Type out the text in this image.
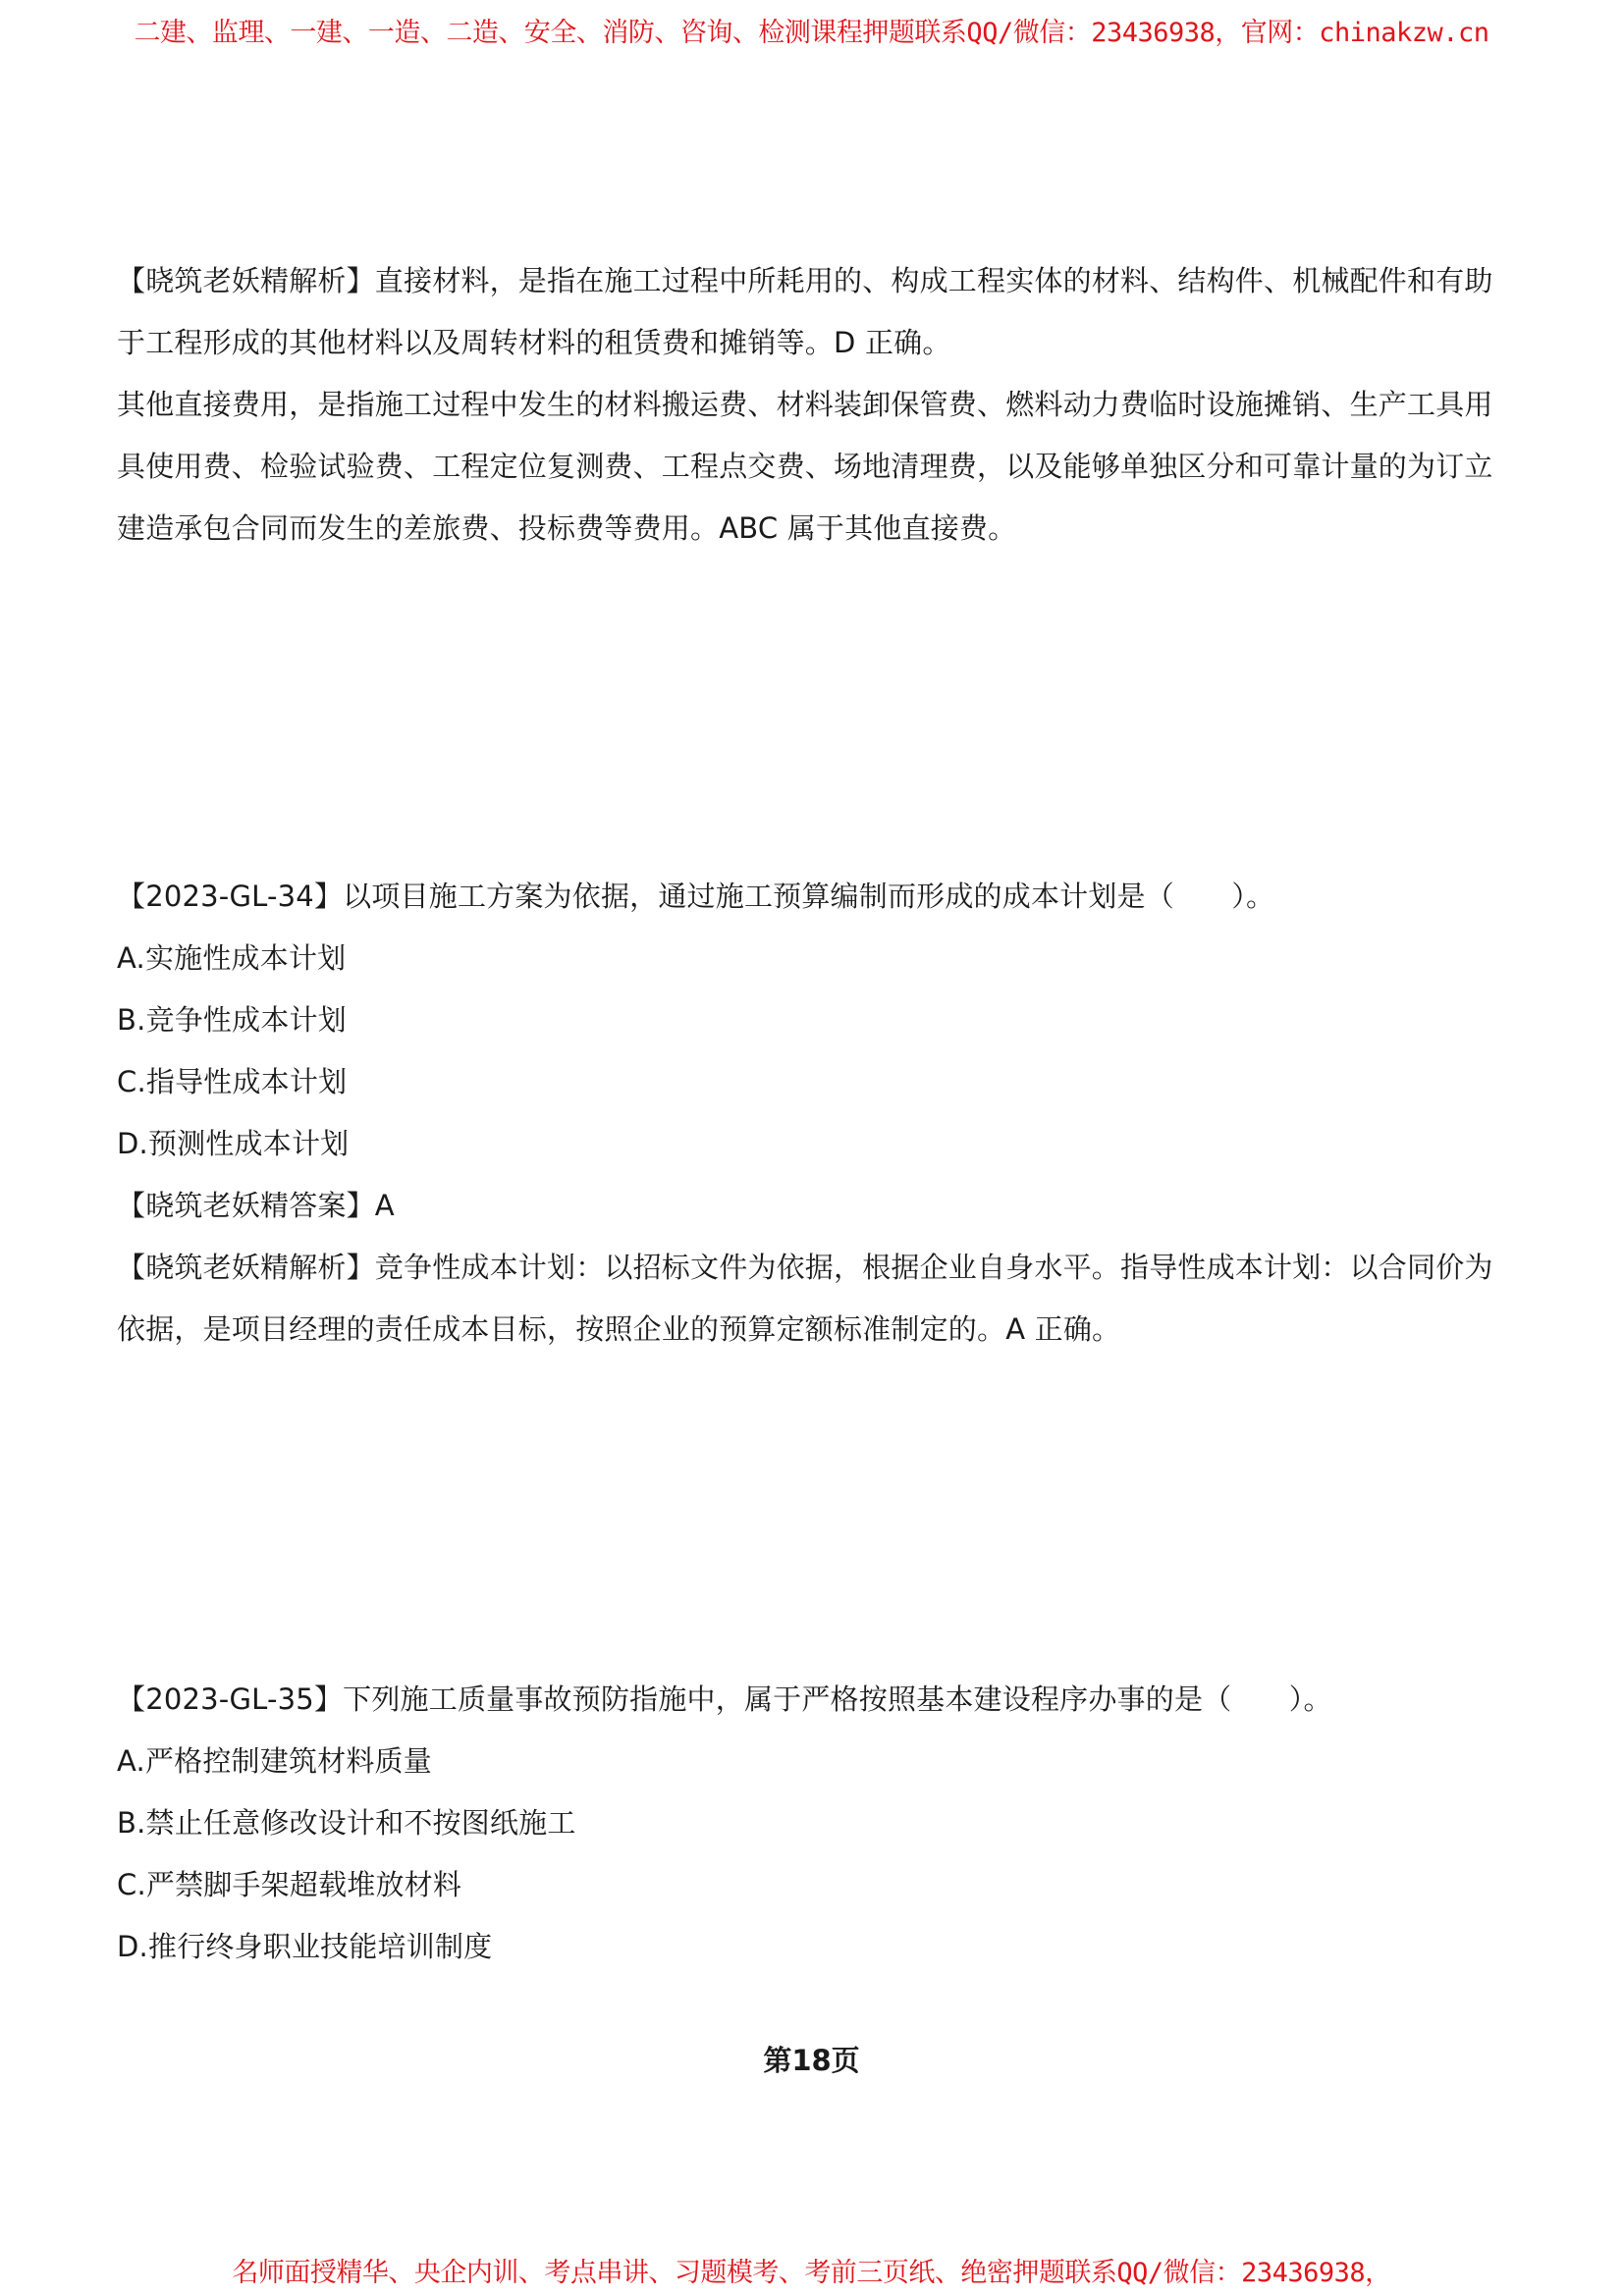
二建、监理、一建、一造、二造、安全、消防、咨询、检测课程押题联系QQ/微信：23436938，官网：chinakzw.cn
【晓筑老妖精解析】直接材料，是指在施工过程中所耗用的、构成工程实体的材料、结构件、机械配件和有助
于工程形成的其他材料以及周转材料的租赁费和摊销等。D 正确。
其他直接费用，是指施工过程中发生的材料搬运费、材料装卸保管费、燃料动力费临时设施摊销、生产工具用
具使用费、检验试验费、工程定位复测费、工程点交费、场地清理费，以及能够单独区分和可靠计量的为订立
建造承包合同而发生的差旅费、投标费等费用。ABC 属于其他直接费。
【2023-GL-34】以项目施工方案为依据，通过施工预算编制而形成的成本计划是（　　）。
A.实施性成本计划
B.竞争性成本计划
C.指导性成本计划
D.预测性成本计划
【晓筑老妖精答案】A
【晓筑老妖精解析】竞争性成本计划：以招标文件为依据，根据企业自身水平。指导性成本计划：以合同价为
依据，是项目经理的责任成本目标，按照企业的预算定额标准制定的。A 正确。
【2023-GL-35】下列施工质量事故预防指施中，属于严格按照基本建设程序办事的是（　　）。
A.严格控制建筑材料质量
B.禁止任意修改设计和不按图纸施工
C.严禁脚手架超载堆放材料
D.推行终身职业技能培训制度
第18页
名师面授精华、央企内训、考点串讲、习题模考、考前三页纸、绝密押题联系QQ/微信：23436938，
